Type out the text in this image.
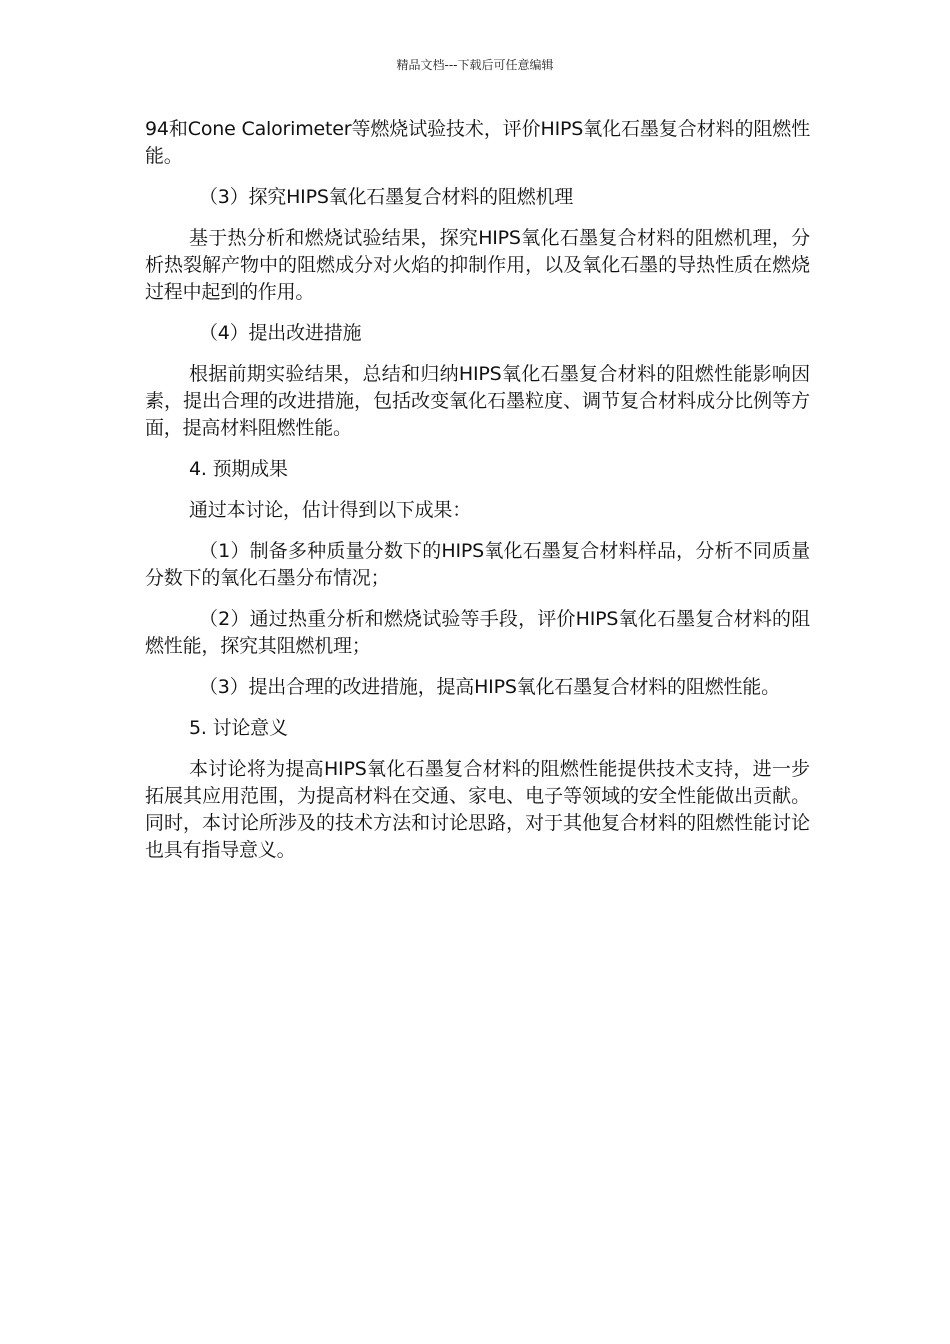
精品文档---下载后可任意编辑

94和Cone Calorimeter等燃烧试验技术，评价HIPS氧化石墨复合材料的阻燃性能。

（3）探究HIPS氧化石墨复合材料的阻燃机理

基于热分析和燃烧试验结果，探究HIPS氧化石墨复合材料的阻燃机理，分析热裂解产物中的阻燃成分对火焰的抑制作用，以及氧化石墨的导热性质在燃烧过程中起到的作用。

（4）提出改进措施

根据前期实验结果，总结和归纳HIPS氧化石墨复合材料的阻燃性能影响因素，提出合理的改进措施，包括改变氧化石墨粒度、调节复合材料成分比例等方面，提高材料阻燃性能。

4. 预期成果

通过本讨论，估计得到以下成果：

（1）制备多种质量分数下的HIPS氧化石墨复合材料样品，分析不同质量分数下的氧化石墨分布情况；

（2）通过热重分析和燃烧试验等手段，评价HIPS氧化石墨复合材料的阻燃性能，探究其阻燃机理；

（3）提出合理的改进措施，提高HIPS氧化石墨复合材料的阻燃性能。

5. 讨论意义

本讨论将为提高HIPS氧化石墨复合材料的阻燃性能提供技术支持，进一步拓展其应用范围，为提高材料在交通、家电、电子等领域的安全性能做出贡献。同时，本讨论所涉及的技术方法和讨论思路，对于其他复合材料的阻燃性能讨论也具有指导意义。
